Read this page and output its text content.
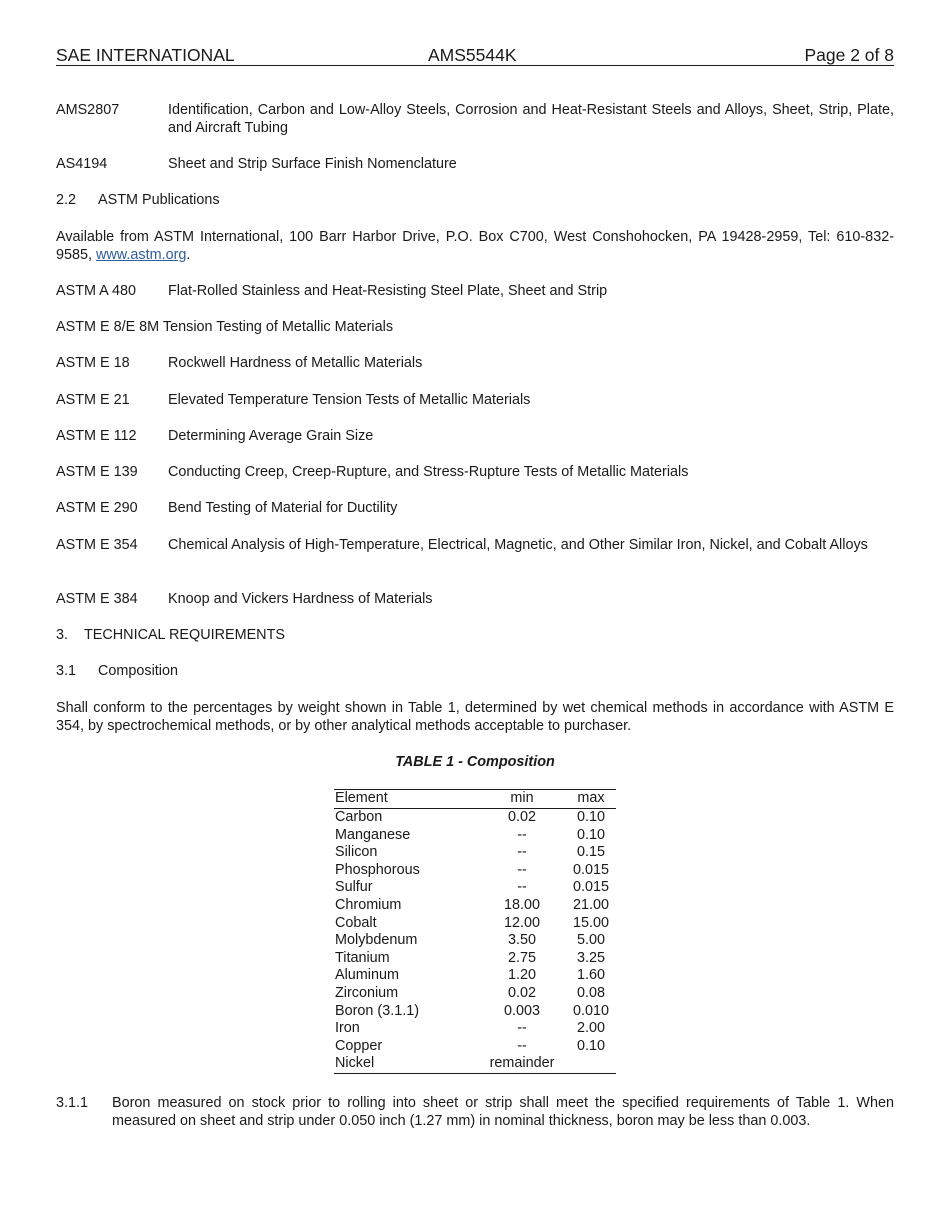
SAE INTERNATIONAL	AMS5544K	Page 2 of 8
AMS2807	Identification, Carbon and Low-Alloy Steels, Corrosion and Heat-Resistant Steels and Alloys, Sheet, Strip, Plate, and Aircraft Tubing
AS4194	Sheet and Strip Surface Finish Nomenclature
2.2 ASTM Publications
Available from ASTM International, 100 Barr Harbor Drive, P.O. Box C700, West Conshohocken, PA 19428-2959, Tel: 610-832-9585, www.astm.org.
ASTM A 480 Flat-Rolled Stainless and Heat-Resisting Steel Plate, Sheet and Strip
ASTM E 8/E 8M Tension Testing of Metallic Materials
ASTM E 18	Rockwell Hardness of Metallic Materials
ASTM E 21	Elevated Temperature Tension Tests of Metallic Materials
ASTM E 112 Determining Average Grain Size
ASTM E 139 Conducting Creep, Creep-Rupture, and Stress-Rupture Tests of Metallic Materials
ASTM E 290 Bend Testing of Material for Ductility
ASTM E 354 Chemical Analysis of High-Temperature, Electrical, Magnetic, and Other Similar Iron, Nickel, and Cobalt Alloys
ASTM E 384 Knoop and Vickers Hardness of Materials
3. TECHNICAL REQUIREMENTS
3.1 Composition
Shall conform to the percentages by weight shown in Table 1, determined by wet chemical methods in accordance with ASTM E 354, by spectrochemical methods, or by other analytical methods acceptable to purchaser.
TABLE 1 - Composition
Element	min	max
Carbon	0.02	0.10
Manganese	--	0.10
Silicon	--	0.15
Phosphorous	--	0.015
Sulfur	--	0.015
Chromium	18.00	21.00
Cobalt	12.00	15.00
Molybdenum	3.50	5.00
Titanium	2.75	3.25
Aluminum	1.20	1.60
Zirconium	0.02	0.08
Boron (3.1.1)	0.003	0.010
Iron	--	2.00
Copper	--	0.10
Nickel	remainder
3.1.1 Boron measured on stock prior to rolling into sheet or strip shall meet the specified requirements of Table 1. When measured on sheet and strip under 0.050 inch (1.27 mm) in nominal thickness, boron may be less than 0.003.
